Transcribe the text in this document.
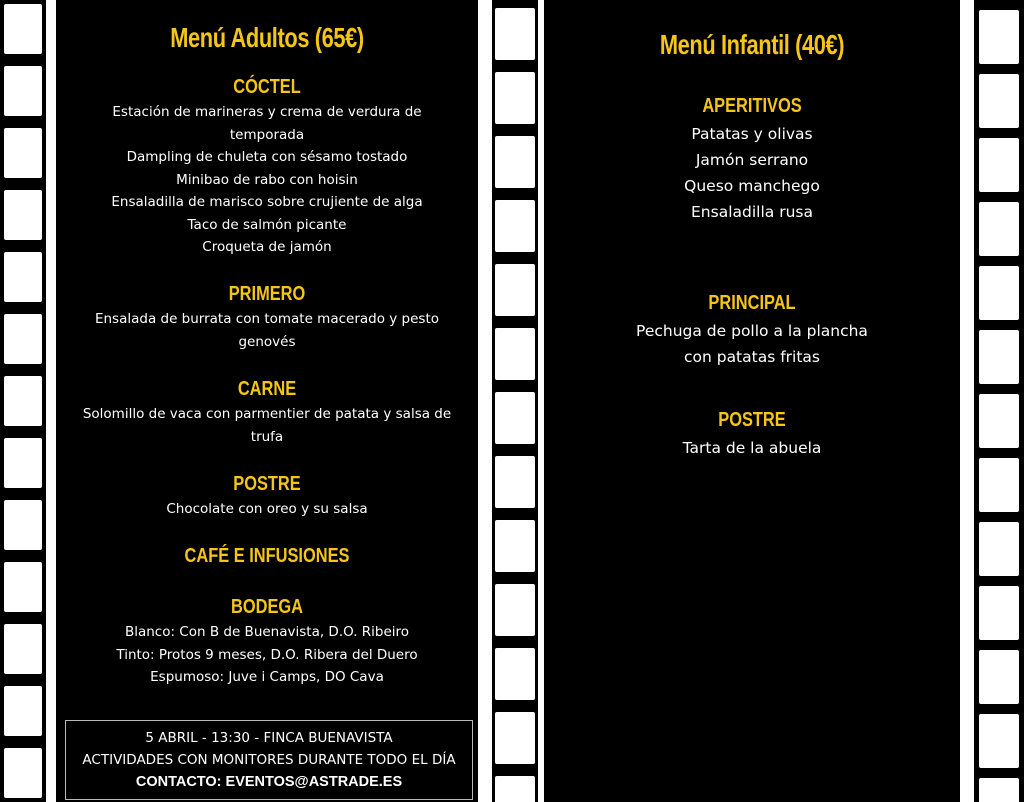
Menú Adultos (65€)
CÓCTEL
Estación de marineras y crema de verdura de
temporada
Dampling de chuleta con sésamo tostado
Minibao de rabo con hoisin
Ensaladilla de marisco sobre crujiente de alga
Taco de salmón picante
Croqueta de jamón
PRIMERO
Ensalada de burrata con tomate macerado y pesto
genovés
CARNE
Solomillo de vaca con parmentier de patata y salsa de
trufa
POSTRE
Chocolate con oreo y su salsa
CAFÉ E INFUSIONES
BODEGA
Blanco: Con B de Buenavista, D.O. Ribeiro
Tinto: Protos 9 meses, D.O. Ribera del Duero
Espumoso: Juve i Camps, DO Cava
5 ABRIL - 13:30 - FINCA BUENAVISTA
ACTIVIDADES CON MONITORES DURANTE TODO EL DÍA
CONTACTO: EVENTOS@ASTRADE.ES
Menú Infantil (40€)
APERITIVOS
Patatas y olivas
Jamón serrano
Queso manchego
Ensaladilla rusa
PRINCIPAL
Pechuga de pollo a la plancha
con patatas fritas
POSTRE
Tarta de la abuela
